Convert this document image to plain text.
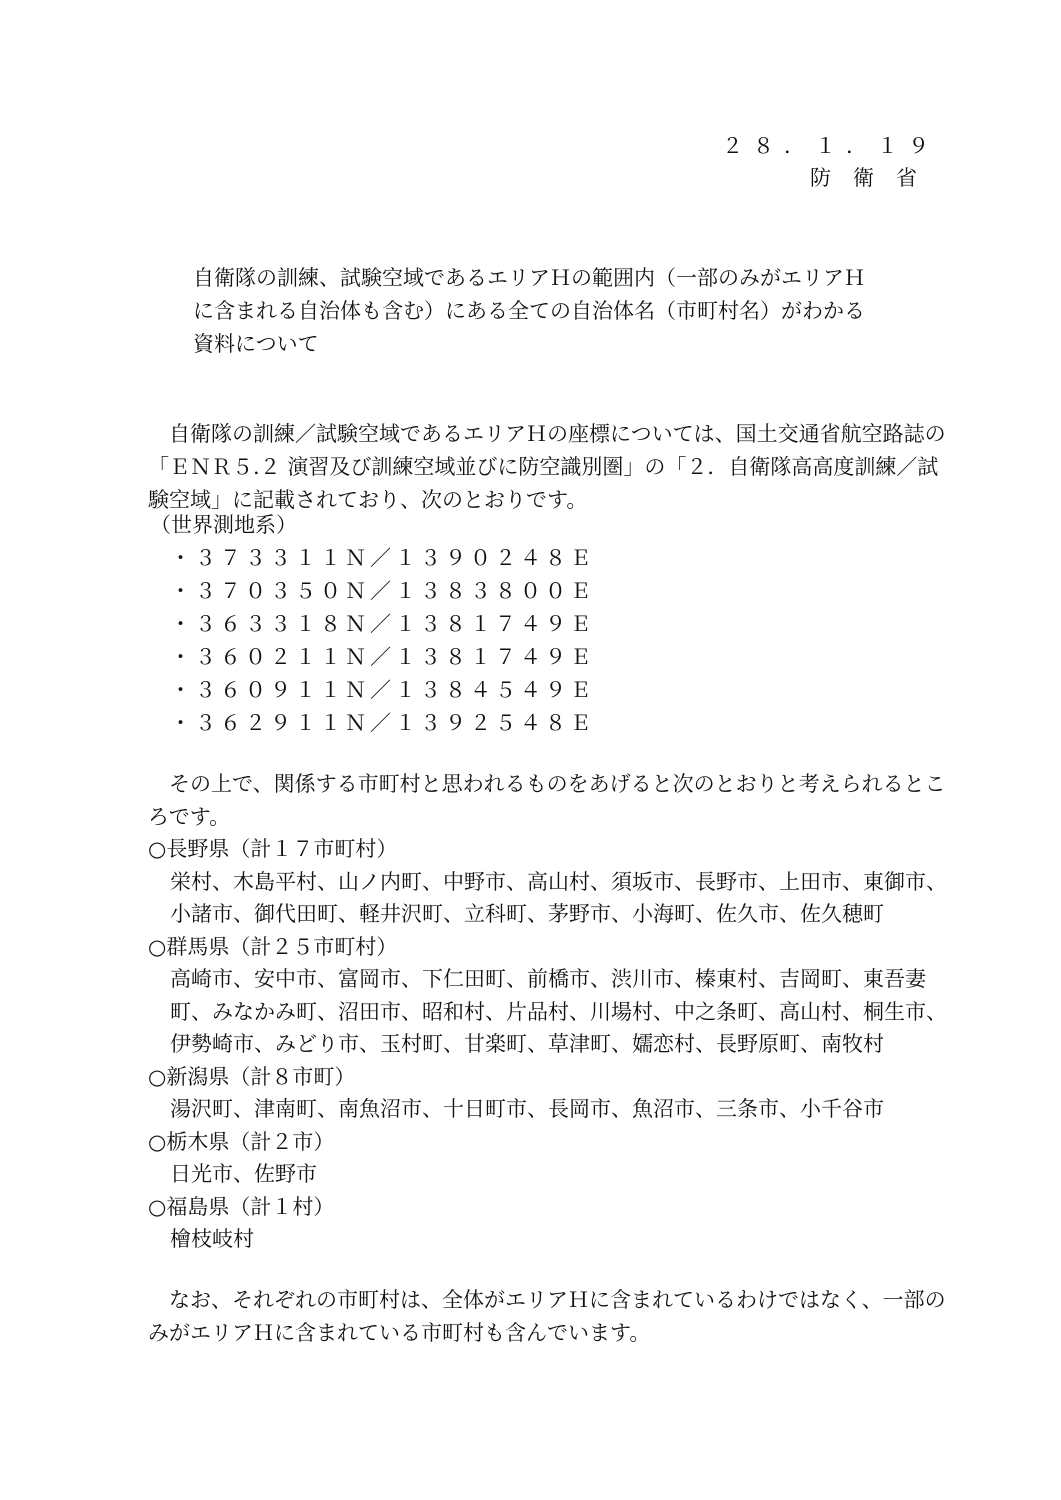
２８．１．１９
防衛省
自衛隊の訓練、試験空域であるエリアＨの範囲内（一部のみがエリアＨ
に含まれる自治体も含む）にある全ての自治体名（市町村名）がわかる
資料について
　自衛隊の訓練／試験空域であるエリアＨの座標については、国土交通省航空路誌の
「ＥＮＲ５.２ 演習及び訓練空域並びに防空識別圏」の「２．自衛隊高高度訓練／試
験空域」に記載されており、次のとおりです。
（世界測地系）
・３７３３１１Ｎ／１３９０２４８Ｅ
・３７０３５０Ｎ／１３８３８００Ｅ
・３６３３１８Ｎ／１３８１７４９Ｅ
・３６０２１１Ｎ／１３８１７４９Ｅ
・３６０９１１Ｎ／１３８４５４９Ｅ
・３６２９１１Ｎ／１３９２５４８Ｅ
　その上で、関係する市町村と思われるものをあげると次のとおりと考えられるとこ
ろです。
○長野県（計１７市町村）
栄村、木島平村、山ノ内町、中野市、高山村、須坂市、長野市、上田市、東御市、
小諸市、御代田町、軽井沢町、立科町、茅野市、小海町、佐久市、佐久穂町
○群馬県（計２５市町村）
高崎市、安中市、富岡市、下仁田町、前橋市、渋川市、榛東村、吉岡町、東吾妻
町、みなかみ町、沼田市、昭和村、片品村、川場村、中之条町、高山村、桐生市、
伊勢崎市、みどり市、玉村町、甘楽町、草津町、嬬恋村、長野原町、南牧村
○新潟県（計８市町）
湯沢町、津南町、南魚沼市、十日町市、長岡市、魚沼市、三条市、小千谷市
○栃木県（計２市）
日光市、佐野市
○福島県（計１村）
檜枝岐村
　なお、それぞれの市町村は、全体がエリアＨに含まれているわけではなく、一部の
みがエリアＨに含まれている市町村も含んでいます。
